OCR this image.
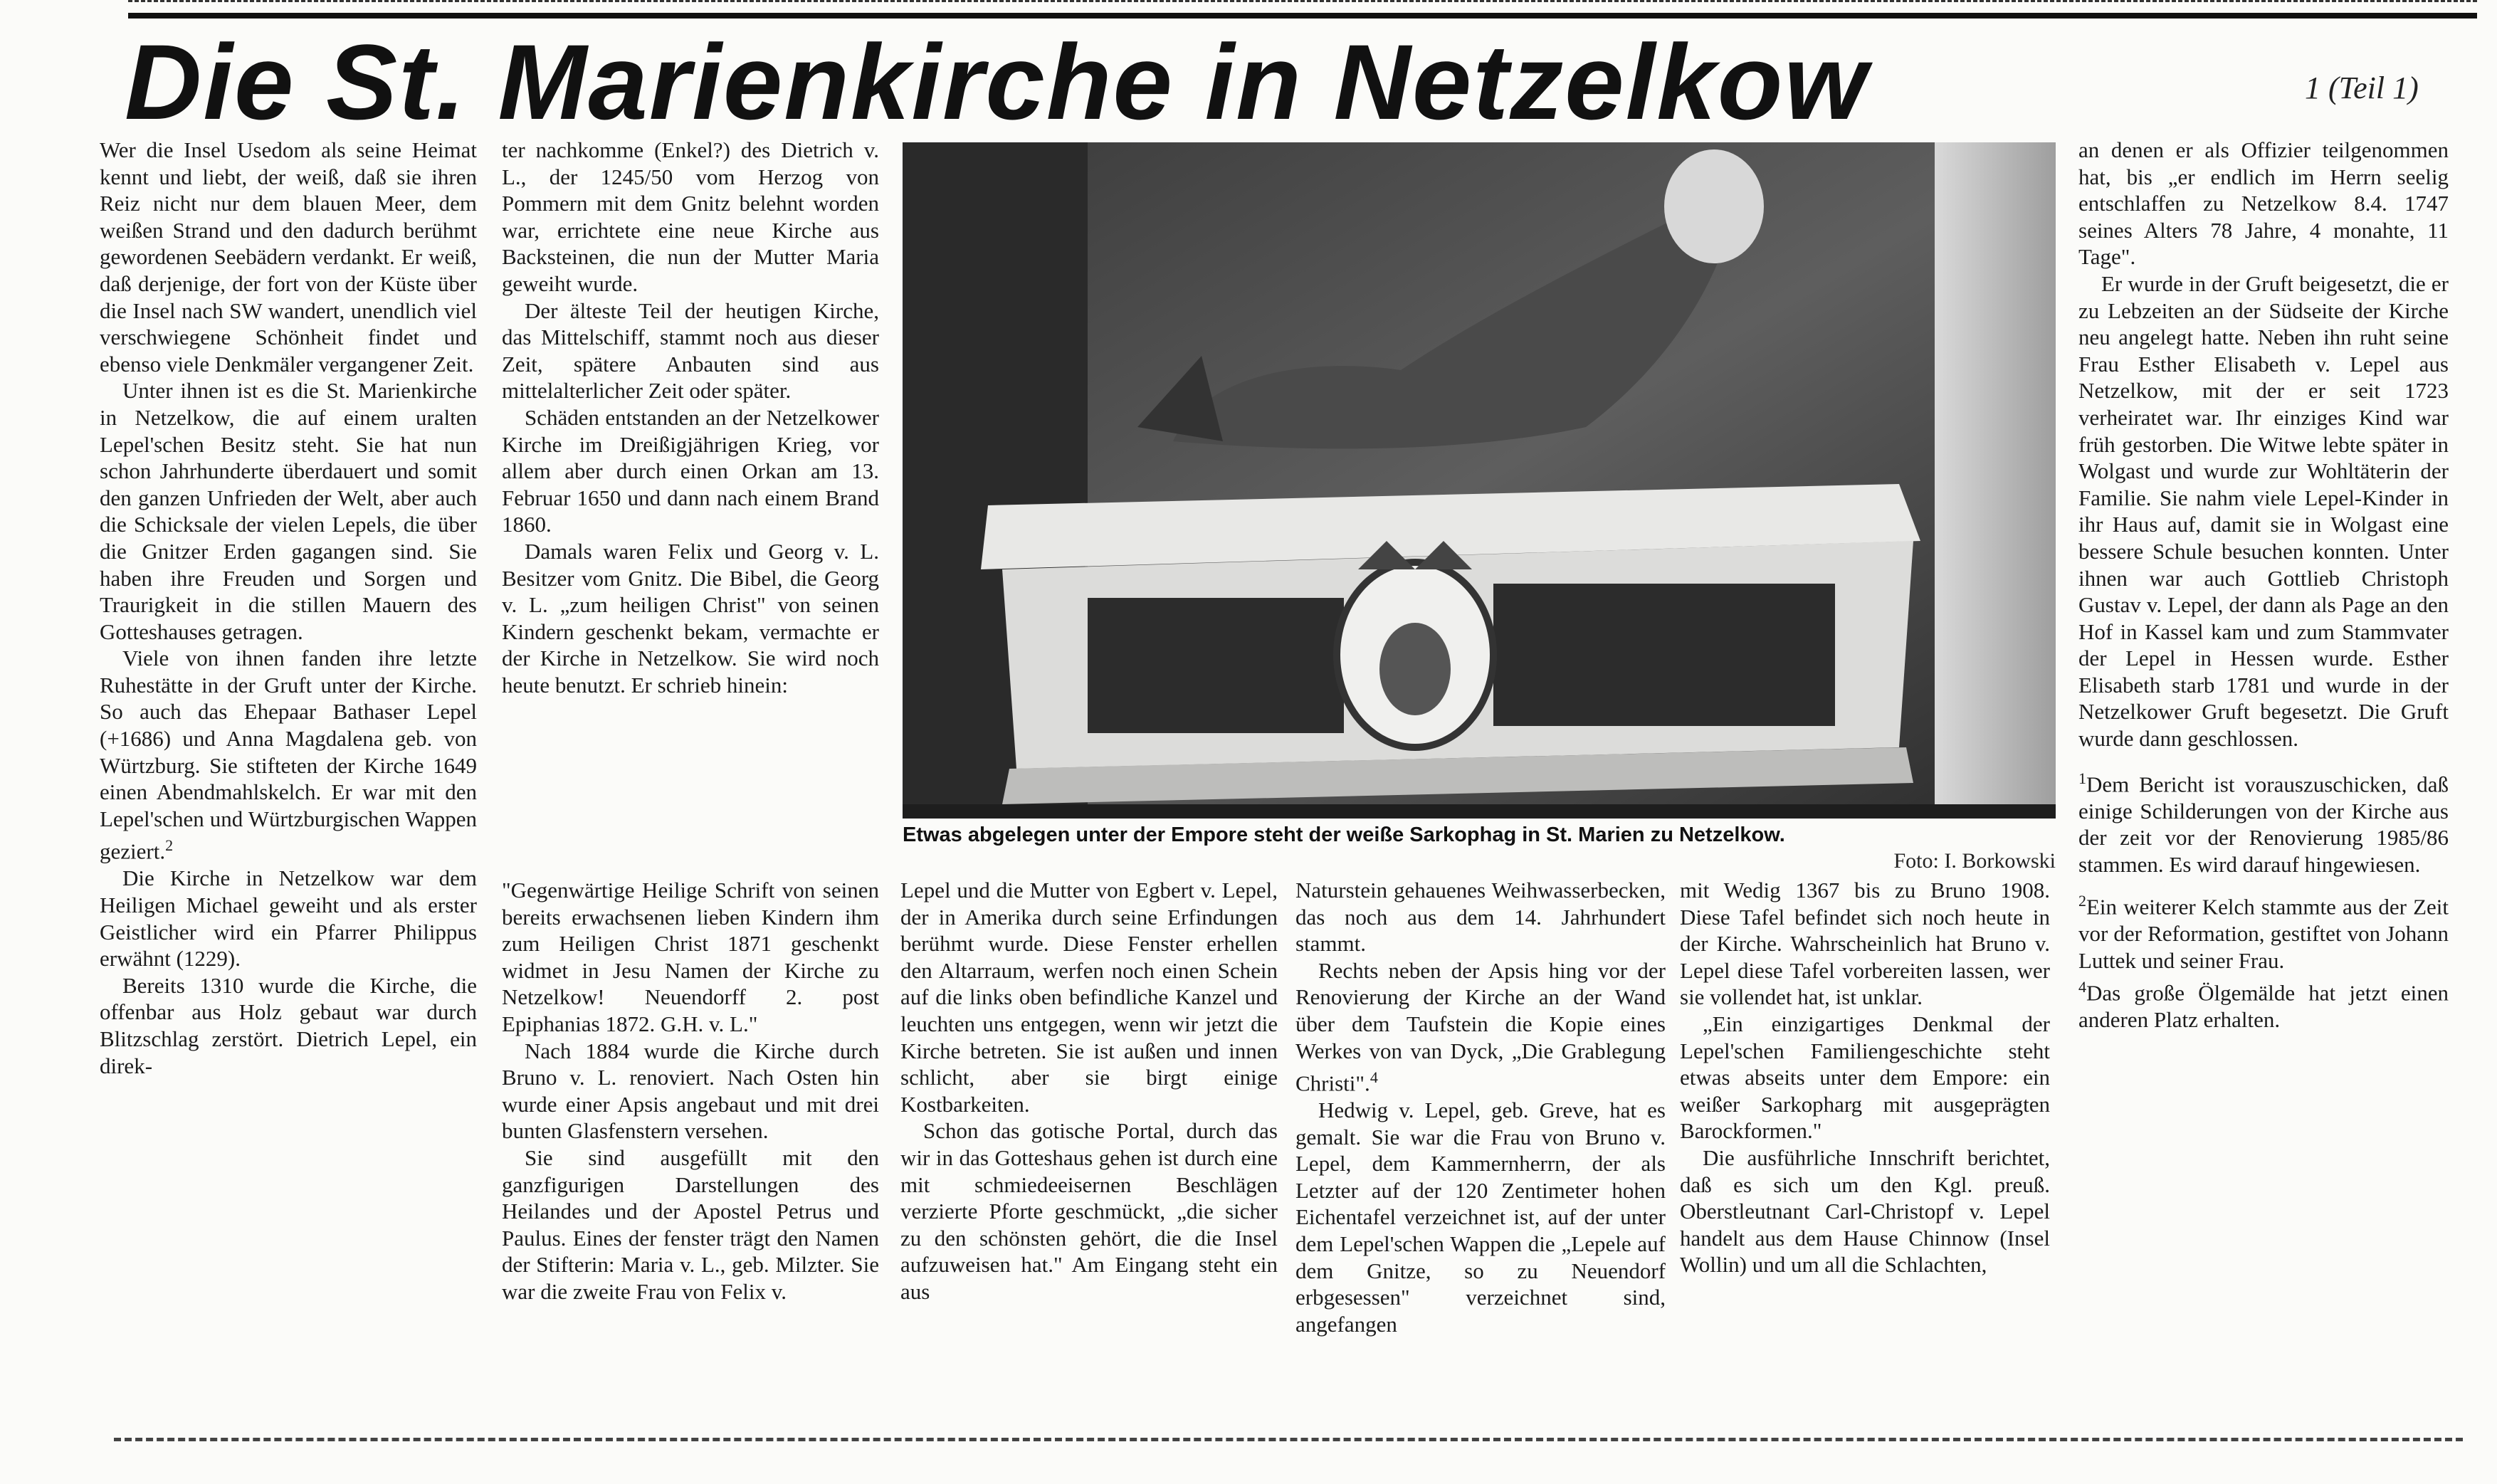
Die St. Marienkirche in Netzelkow	1 (Teil 1)

Wer die Insel Usedom als seine Heimat kennt und liebt, der weiß, daß sie ihren Reiz nicht nur dem blauen Meer, dem weißen Strand und den dadurch berühmt gewordenen Seebädern verdankt. Er weiß, daß derjenige, der fort von der Küste über die Insel nach SW wandert, unendlich viel verschwiegene Schönheit findet und ebenso viele Denkmäler vergangener Zeit.

Unter ihnen ist es die St. Marienkirche in Netzelkow, die auf einem uralten Lepel'schen Besitz steht. Sie hat nun schon Jahrhunderte überdauert und somit den ganzen Unfrieden der Welt, aber auch die Schicksale der vielen Lepels, die über die Gnitzer Erden gagangen sind. Sie haben ihre Freuden und Sorgen und Traurigkeit in die stillen Mauern des Gotteshauses getragen.

Viele von ihnen fanden ihre letzte Ruhestätte in der Gruft unter der Kirche. So auch das Ehepaar Bathaser Lepel (+1686) und Anna Magdalena geb. von Würtzburg. Sie stifteten der Kirche 1649 einen Abendmahlskelch. Er war mit den Lepel'schen und Würtzburgischen Wappen geziert.$^2$

Die Kirche in Netzelkow war dem Heiligen Michael geweiht und als erster Geistlicher wird ein Pfarrer Philippus erwähnt (1229).

Bereits 1310 wurde die Kirche, die offenbar aus Holz gebaut war durch Blitzschlag zerstört. Dietrich Lepel, ein direk-

ter nachkomme (Enkel?) des Dietrich v. L., der 1245/50 vom Herzog von Pommern mit dem Gnitz belehnt worden war, errichtete eine neue Kirche aus Backsteinen, die nun der Mutter Maria geweiht wurde.

Der älteste Teil der heutigen Kirche, das Mittelschiff, stammt noch aus dieser Zeit, spätere Anbauten sind aus mittelalterlicher Zeit oder später.

Schäden entstanden an der Netzelkower Kirche im Dreißigjährigen Krieg, vor allem aber durch einen Orkan am 13. Februar 1650 und dann nach einem Brand 1860.

Damals waren Felix und Georg v. L. Besitzer vom Gnitz. Die Bibel, die Georg v. L. „zum heiligen Christ" von seinen Kindern geschenkt bekam, vermachte er der Kirche in Netzelkow. Sie wird noch heute benutzt. Er schrieb hinein:

Etwas abgelegen unter der Empore steht der weiße Sarkophag in St. Marien zu Netzelkow.
Foto: I. Borkowski

"Gegenwärtige Heilige Schrift von seinen bereits erwachsenen lieben Kindern ihm zum Heiligen Christ 1871 geschenkt widmet in Jesu Namen der Kirche zu Netzelkow! Neuendorff 2. post Epiphanias 1872. G.H. v. L."

Nach 1884 wurde die Kirche durch Bruno v. L. renoviert. Nach Osten hin wurde einer Apsis angebaut und mit drei bunten Glasfenstern versehen.

Sie sind ausgefüllt mit den ganzfigurigen Darstellungen des Heilandes und der Apostel Petrus und Paulus. Eines der fenster trägt den Namen der Stifterin: Maria v. L., geb. Milzter. Sie war die zweite Frau von Felix v.

Lepel und die Mutter von Egbert v. Lepel, der in Amerika durch seine Erfindungen berühmt wurde. Diese Fenster erhellen den Altarraum, werfen noch einen Schein auf die links oben befindliche Kanzel und leuchten uns entgegen, wenn wir jetzt die Kirche betreten. Sie ist außen und innen schlicht, aber sie birgt einige Kostbarkeiten.

Schon das gotische Portal, durch das wir in das Gotteshaus gehen ist durch eine mit schmiedeeisernen Beschlägen verzierte Pforte geschmückt, „die sicher zu den schönsten gehört, die die Insel aufzuweisen hat." Am Eingang steht ein aus

Naturstein gehauenes Weihwasserbecken, das noch aus dem 14. Jahrhundert stammt.

Rechts neben der Apsis hing vor der Renovierung der Kirche an der Wand über dem Taufstein die Kopie eines Werkes von van Dyck, „Die Grablegung Christi".$^4$

Hedwig v. Lepel, geb. Greve, hat es gemalt. Sie war die Frau von Bruno v. Lepel, dem Kammernherrn, der als Letzter auf der 120 Zentimeter hohen Eichentafel verzeichnet ist, auf der unter dem Lepel'schen Wappen die „Lepele auf dem Gnitze, so zu Neuendorf erbgesessen" verzeichnet sind, angefangen

mit Wedig 1367 bis zu Bruno 1908. Diese Tafel befindet sich noch heute in der Kirche. Wahrscheinlich hat Bruno v. Lepel diese Tafel vorbereiten lassen, wer sie vollendet hat, ist unklar.

„Ein einzigartiges Denkmal der Lepel'schen Familiengeschichte steht etwas abseits unter dem Empore: ein weißer Sarkopharg mit ausgeprägten Barockformen."

Die ausführliche Innschrift berichtet, daß es sich um den Kgl. preuß. Oberstleutnant Carl-Christopf v. Lepel handelt aus dem Hause Chinnow (Insel Wollin) und um all die Schlachten,

an denen er als Offizier teilgenommen hat, bis „er endlich im Herrn seelig entschlaffen zu Netzelkow 8.4. 1747 seines Alters 78 Jahre, 4 monahte, 11 Tage".

Er wurde in der Gruft beigesetzt, die er zu Lebzeiten an der Südseite der Kirche neu angelegt hatte. Neben ihn ruht seine Frau Esther Elisabeth v. Lepel aus Netzelkow, mit der er seit 1723 verheiratet war. Ihr einziges Kind war früh gestorben. Die Witwe lebte später in Wolgast und wurde zur Wohltäterin der Familie. Sie nahm viele Lepel-Kinder in ihr Haus auf, damit sie in Wolgast eine bessere Schule besuchen konnten. Unter ihnen war auch Gottlieb Christoph Gustav v. Lepel, der dann als Page an den Hof in Kassel kam und zum Stammvater der Lepel in Hessen wurde. Esther Elisabeth starb 1781 und wurde in der Netzelkower Gruft begesetzt. Die Gruft wurde dann geschlossen.

$^1$Dem Bericht ist vorauszuschicken, daß einige Schilderungen von der Kirche aus der zeit vor der Renovierung 1985/86 stammen. Es wird darauf hingewiesen.

$^2$Ein weiterer Kelch stammte aus der Zeit vor der Reformation, gestiftet von Johann Luttek und seiner Frau.

$^4$Das große Ölgemälde hat jetzt einen anderen Platz erhalten.
